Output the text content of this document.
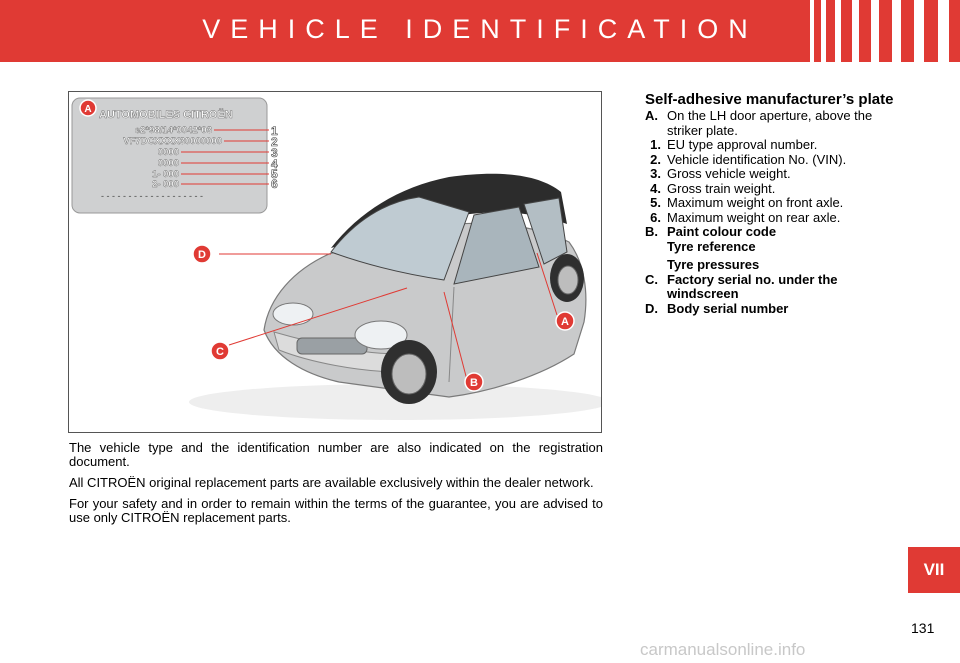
VEHICLE IDENTIFICATION
AUTOMOBILES CITROËN
e2*98/14*0042*03
VF7DCXXXX30000000
0000
0000
1- 000
2- 000
- - - - - - - - - - - - - - - - - - -
1
2
3
4
5
6
A
D
C
B
A

The vehicle type and the identification number are also indicated on the registration document.

All CITROËN original replacement parts are available exclusively within the dealer network.

For your safety and in order to remain within the terms of the guarantee, you are advised to use only CITROËN replacement parts.

Self-adhesive manufacturer’s plate
A. On the LH door aperture, above the striker plate.
1. EU type approval number.
2. Vehicle identification No. (VIN).
3. Gross vehicle weight.
4. Gross train weight.
5. Maximum weight on front axle.
6. Maximum weight on rear axle.
B. Paint colour code
Tyre reference
Tyre pressures
C. Factory serial no. under the windscreen
D. Body serial number
VII
131
carmanualsonline.info
